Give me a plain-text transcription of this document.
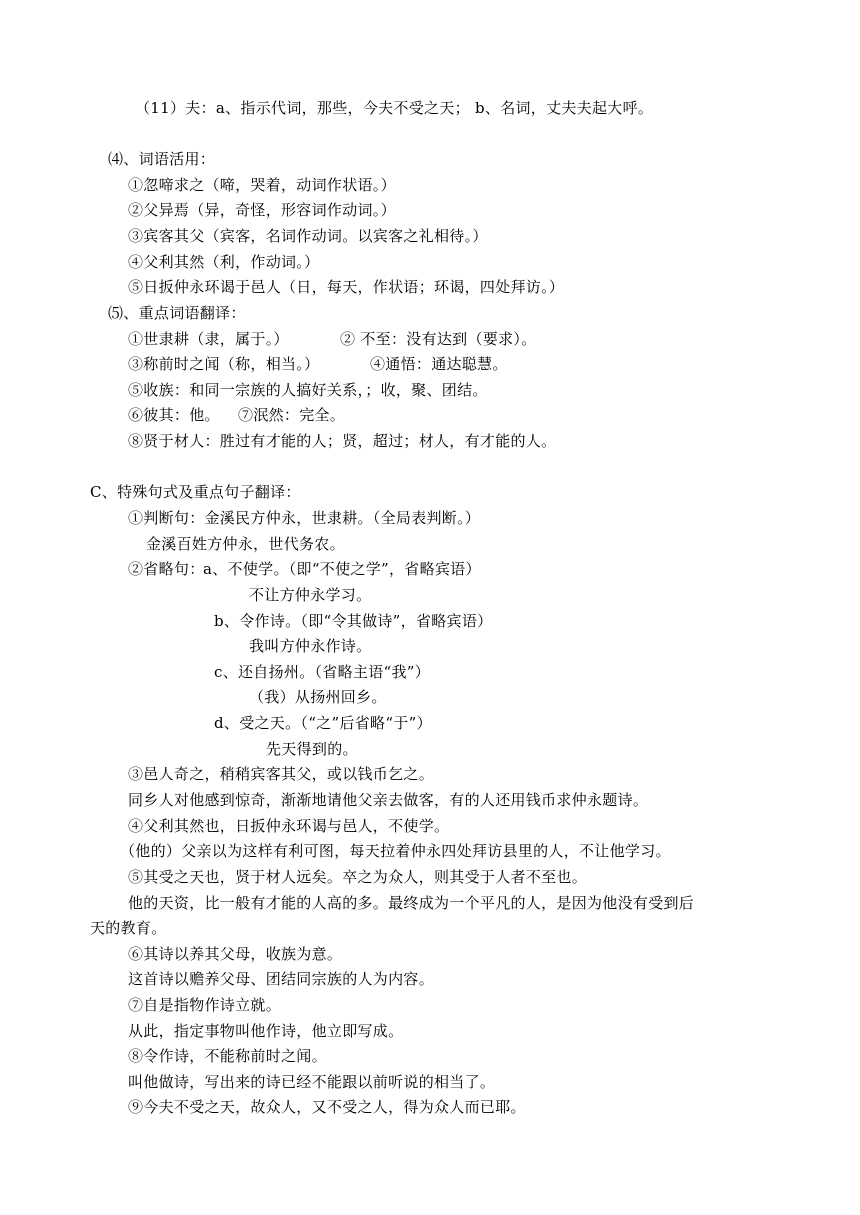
（11）夫：a、指示代词，那些，今夫不受之天； b、名词，丈夫夫起大呼。
⑷、词语活用：
①忽啼求之（啼，哭着，动词作状语。）
②父异焉（异，奇怪，形容词作动词。）
③宾客其父（宾客，名词作动词。以宾客之礼相待。）
④父利其然（利，作动词。）
⑤日扳仲永环谒于邑人（日，每天，作状语；环谒，四处拜访。）
⑸、重点词语翻译：
①世隶耕（隶，属于。）	② 不至：没有达到（要求）。
③称前时之闻（称，相当。）	④通悟：通达聪慧。
⑤收族：和同一宗族的人搞好关系，；收，聚、团结。
⑥彼其：他。 ⑦泯然：完全。
⑧贤于材人：胜过有才能的人；贤，超过；材人，有才能的人。
C、特殊句式及重点句子翻译：
①判断句：金溪民方仲永，世隶耕。（全局表判断。）
金溪百姓方仲永，世代务农。
②省略句：
a、不使学。（即“不使之学”，省略宾语）
不让方仲永学习。
b、令作诗。（即“令其做诗”，省略宾语）
我叫方仲永作诗。
c、还自扬州。（省略主语“我”）
（我）从扬州回乡。
d、受之天。（“之”后省略“于”）
先天得到的。
③邑人奇之，稍稍宾客其父，或以钱币乞之。
同乡人对他感到惊奇，渐渐地请他父亲去做客，有的人还用钱币求仲永题诗。
④父利其然也，日扳仲永环谒与邑人，不使学。
（他的）父亲以为这样有利可图，每天拉着仲永四处拜访县里的人，不让他学习。
⑤其受之天也，贤于材人远矣。卒之为众人，则其受于人者不至也。
他的天资，比一般有才能的人高的多。最终成为一个平凡的人，是因为他没有受到后
天的教育。
⑥其诗以养其父母，收族为意。
这首诗以赡养父母、团结同宗族的人为内容。
⑦自是指物作诗立就。
从此，指定事物叫他作诗，他立即写成。
⑧令作诗，不能称前时之闻。
叫他做诗，写出来的诗已经不能跟以前听说的相当了。
⑨今夫不受之天，故众人，又不受之人，得为众人而已耶。
